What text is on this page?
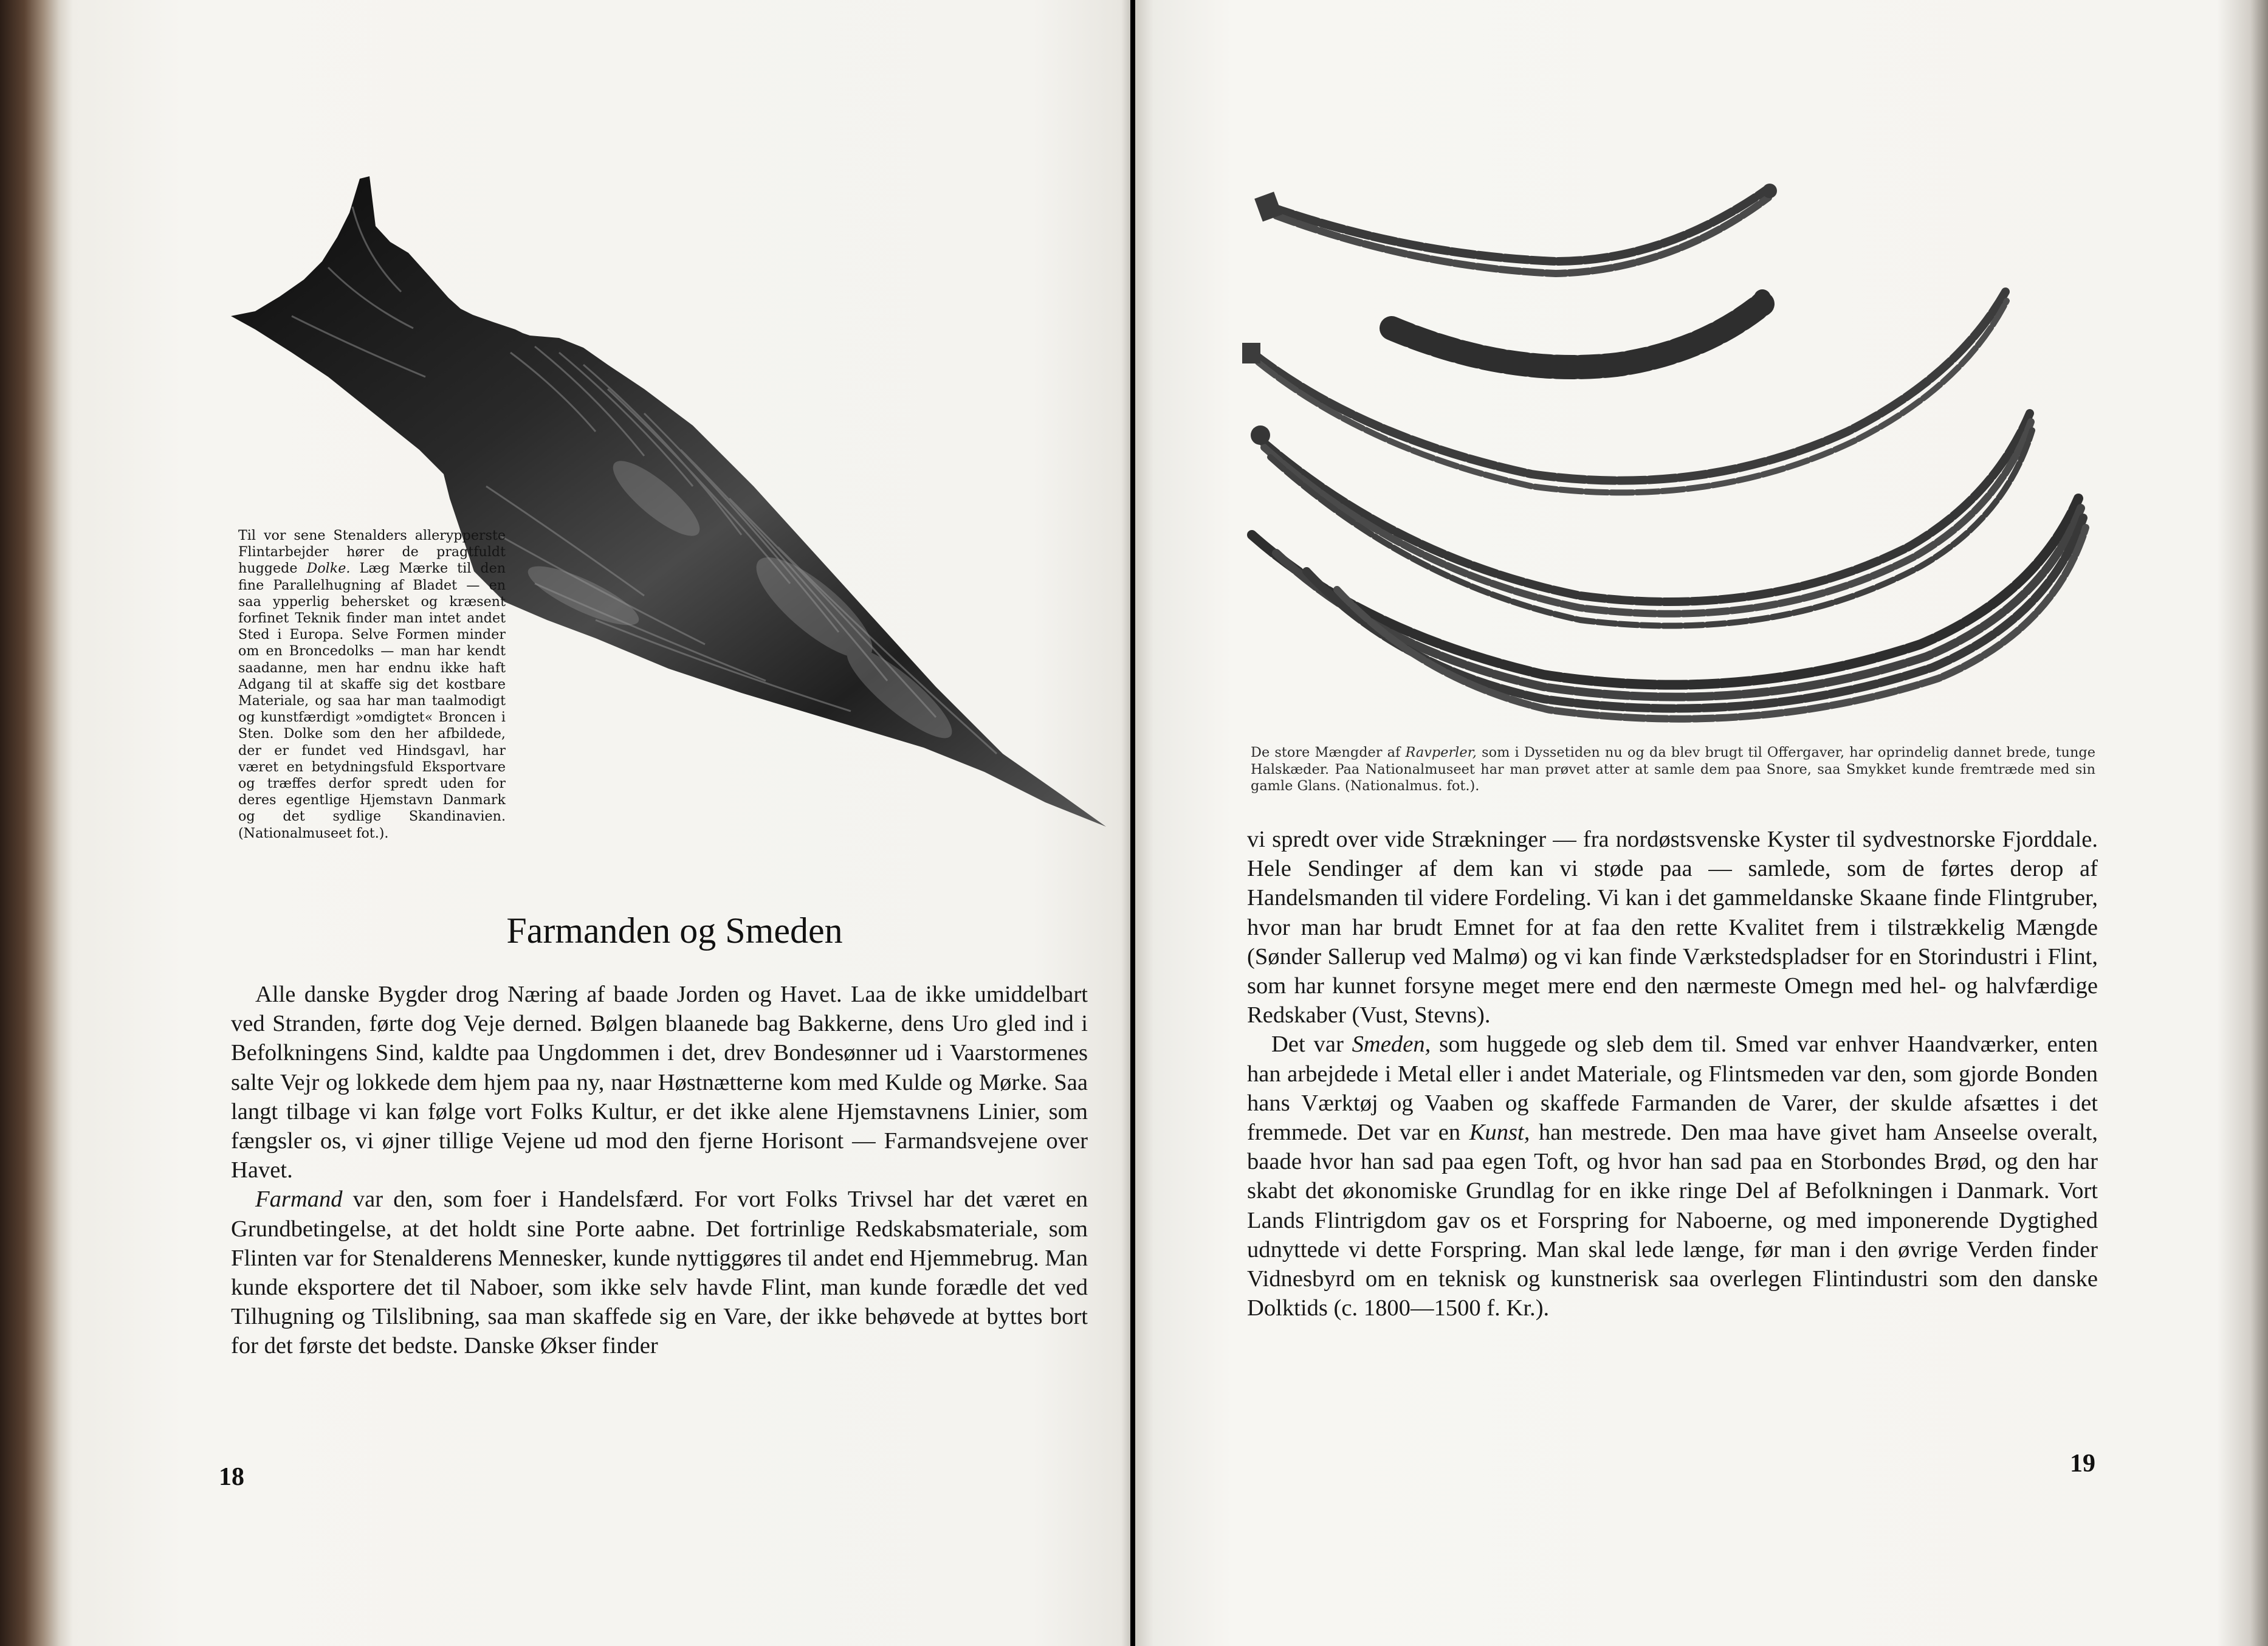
Til vor sene Stenalders allerypperste Flintarbejder hører de pragtfuldt huggede Dolke. Læg Mærke til den fine Parallelhugning af Bladet — en saa ypperlig behersket og kræsent forfinet Teknik finder man intet andet Sted i Europa. Selve Formen minder om en Broncedolks — man har kendt saadanne, men har endnu ikke haft Adgang til at skaffe sig det kostbare Materiale, og saa har man taalmodigt og kunstfærdigt »omdigtet« Broncen i Sten. Dolke som den her afbildede, der er fundet ved Hindsgavl, har været en betydningsfuld Eksportvare og træffes derfor spredt uden for deres egentlige Hjemstavn Danmark og det sydlige Skandinavien. (Nationalmuseet fot.).
Farmanden og Smeden

Alle danske Bygder drog Næring af baade Jorden og Havet. Laa de ikke umiddelbart ved Stranden, førte dog Veje derned. Bølgen blaanede bag Bakkerne, dens Uro gled ind i Befolkningens Sind, kaldte paa Ungdommen i det, drev Bondesønner ud i Vaarstormenes salte Vejr og lokkede dem hjem paa ny, naar Høstnætterne kom med Kulde og Mørke. Saa langt tilbage vi kan følge vort Folks Kultur, er det ikke alene Hjemstavnens Linier, som fængsler os, vi øjner tillige Vejene ud mod den fjerne Horisont — Farmandsvejene over Havet.

Farmand var den, som foer i Handelsfærd. For vort Folks Trivsel har det været en Grundbetingelse, at det holdt sine Porte aabne. Det fortrinlige Redskabsmateriale, som Flinten var for Stenalderens Mennesker, kunde nyttiggøres til andet end Hjemmebrug. Man kunde eksportere det til Naboer, som ikke selv havde Flint, man kunde forædle det ved Tilhugning og Tilslibning, saa man skaffede sig en Vare, der ikke behøvede at byttes bort for det første det bedste. Danske Økser finder

18
De store Mængder af Ravperler, som i Dyssetiden nu og da blev brugt til Offergaver, har oprindelig dannet brede, tunge Halskæder. Paa Nationalmuseet har man prøvet atter at samle dem paa Snore, saa Smykket kunde fremtræde med sin gamle Glans. (Nationalmus. fot.).

vi spredt over vide Strækninger — fra nordøstsvenske Kyster til sydvestnorske Fjorddale. Hele Sendinger af dem kan vi støde paa — samlede, som de førtes derop af Handelsmanden til videre Fordeling. Vi kan i det gammeldanske Skaane finde Flintgruber, hvor man har brudt Emnet for at faa den rette Kvalitet frem i tilstrækkelig Mængde (Sønder Sallerup ved Malmø) og vi kan finde Værkstedspladser for en Storindustri i Flint, som har kunnet forsyne meget mere end den nærmeste Omegn med hel- og halvfærdige Redskaber (Vust, Stevns).

Det var Smeden, som huggede og sleb dem til. Smed var enhver Haandværker, enten han arbejdede i Metal eller i andet Materiale, og Flintsmeden var den, som gjorde Bonden hans Værktøj og Vaaben og skaffede Farmanden de Varer, der skulde afsættes i det fremmede. Det var en Kunst, han mestrede. Den maa have givet ham Anseelse overalt, baade hvor han sad paa egen Toft, og hvor han sad paa en Storbondes Brød, og den har skabt det økonomiske Grundlag for en ikke ringe Del af Befolkningen i Danmark. Vort Lands Flintrigdom gav os et Forspring for Naboerne, og med imponerende Dygtighed udnyttede vi dette Forspring. Man skal lede længe, før man i den øvrige Verden finder Vidnesbyrd om en teknisk og kunstnerisk saa overlegen Flintindustri som den danske Dolktids (c. 1800—1500 f. Kr.).

19
